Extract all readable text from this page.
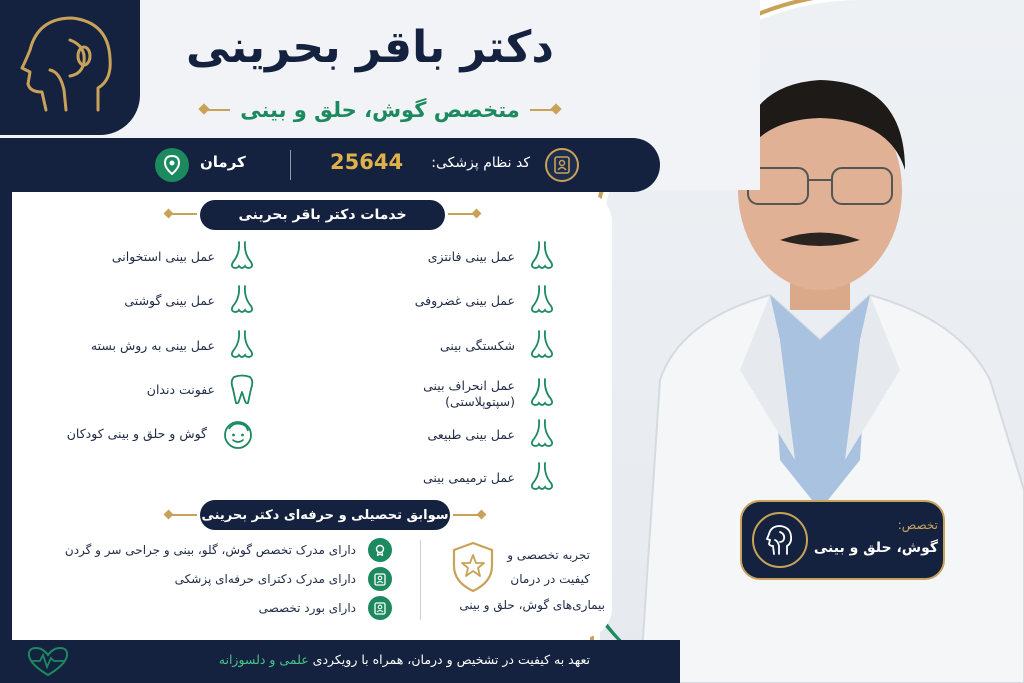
دکتر باقر بحرینی
متخصص گوش، حلق و بینی
کرمان	25644	کد نظام پزشکی:
خدمات دکتر باقر بحرینی
عمل بینی فانتزی
عمل بینی غضروفی
شکستگی بینی
عمل انحراف بینی
(سپتوپلاستی)
عمل بینی طبیعی
عمل ترمیمی بینی
عمل بینی استخوانی
عمل بینی گوشتی
عمل بینی به روش بسته
عفونت دندان
گوش و حلق و بینی کودکان
سوابق تحصیلی و حرفه‌ای دکتر بحرینی
دارای مدرک تخصص گوش، گلو، بینی و جراحی سر و گردن
دارای مدرک دکترای حرفه‌ای پزشکی
دارای بورد تخصصی
تجربه تخصصی و
کیفیت در درمان
بیماری‌های گوش، حلق و بینی
تعهد به کیفیت در تشخیص و درمان، همراه با رویکردی علمی و دلسوزانه
تخصص:
گوش، حلق و بینی
